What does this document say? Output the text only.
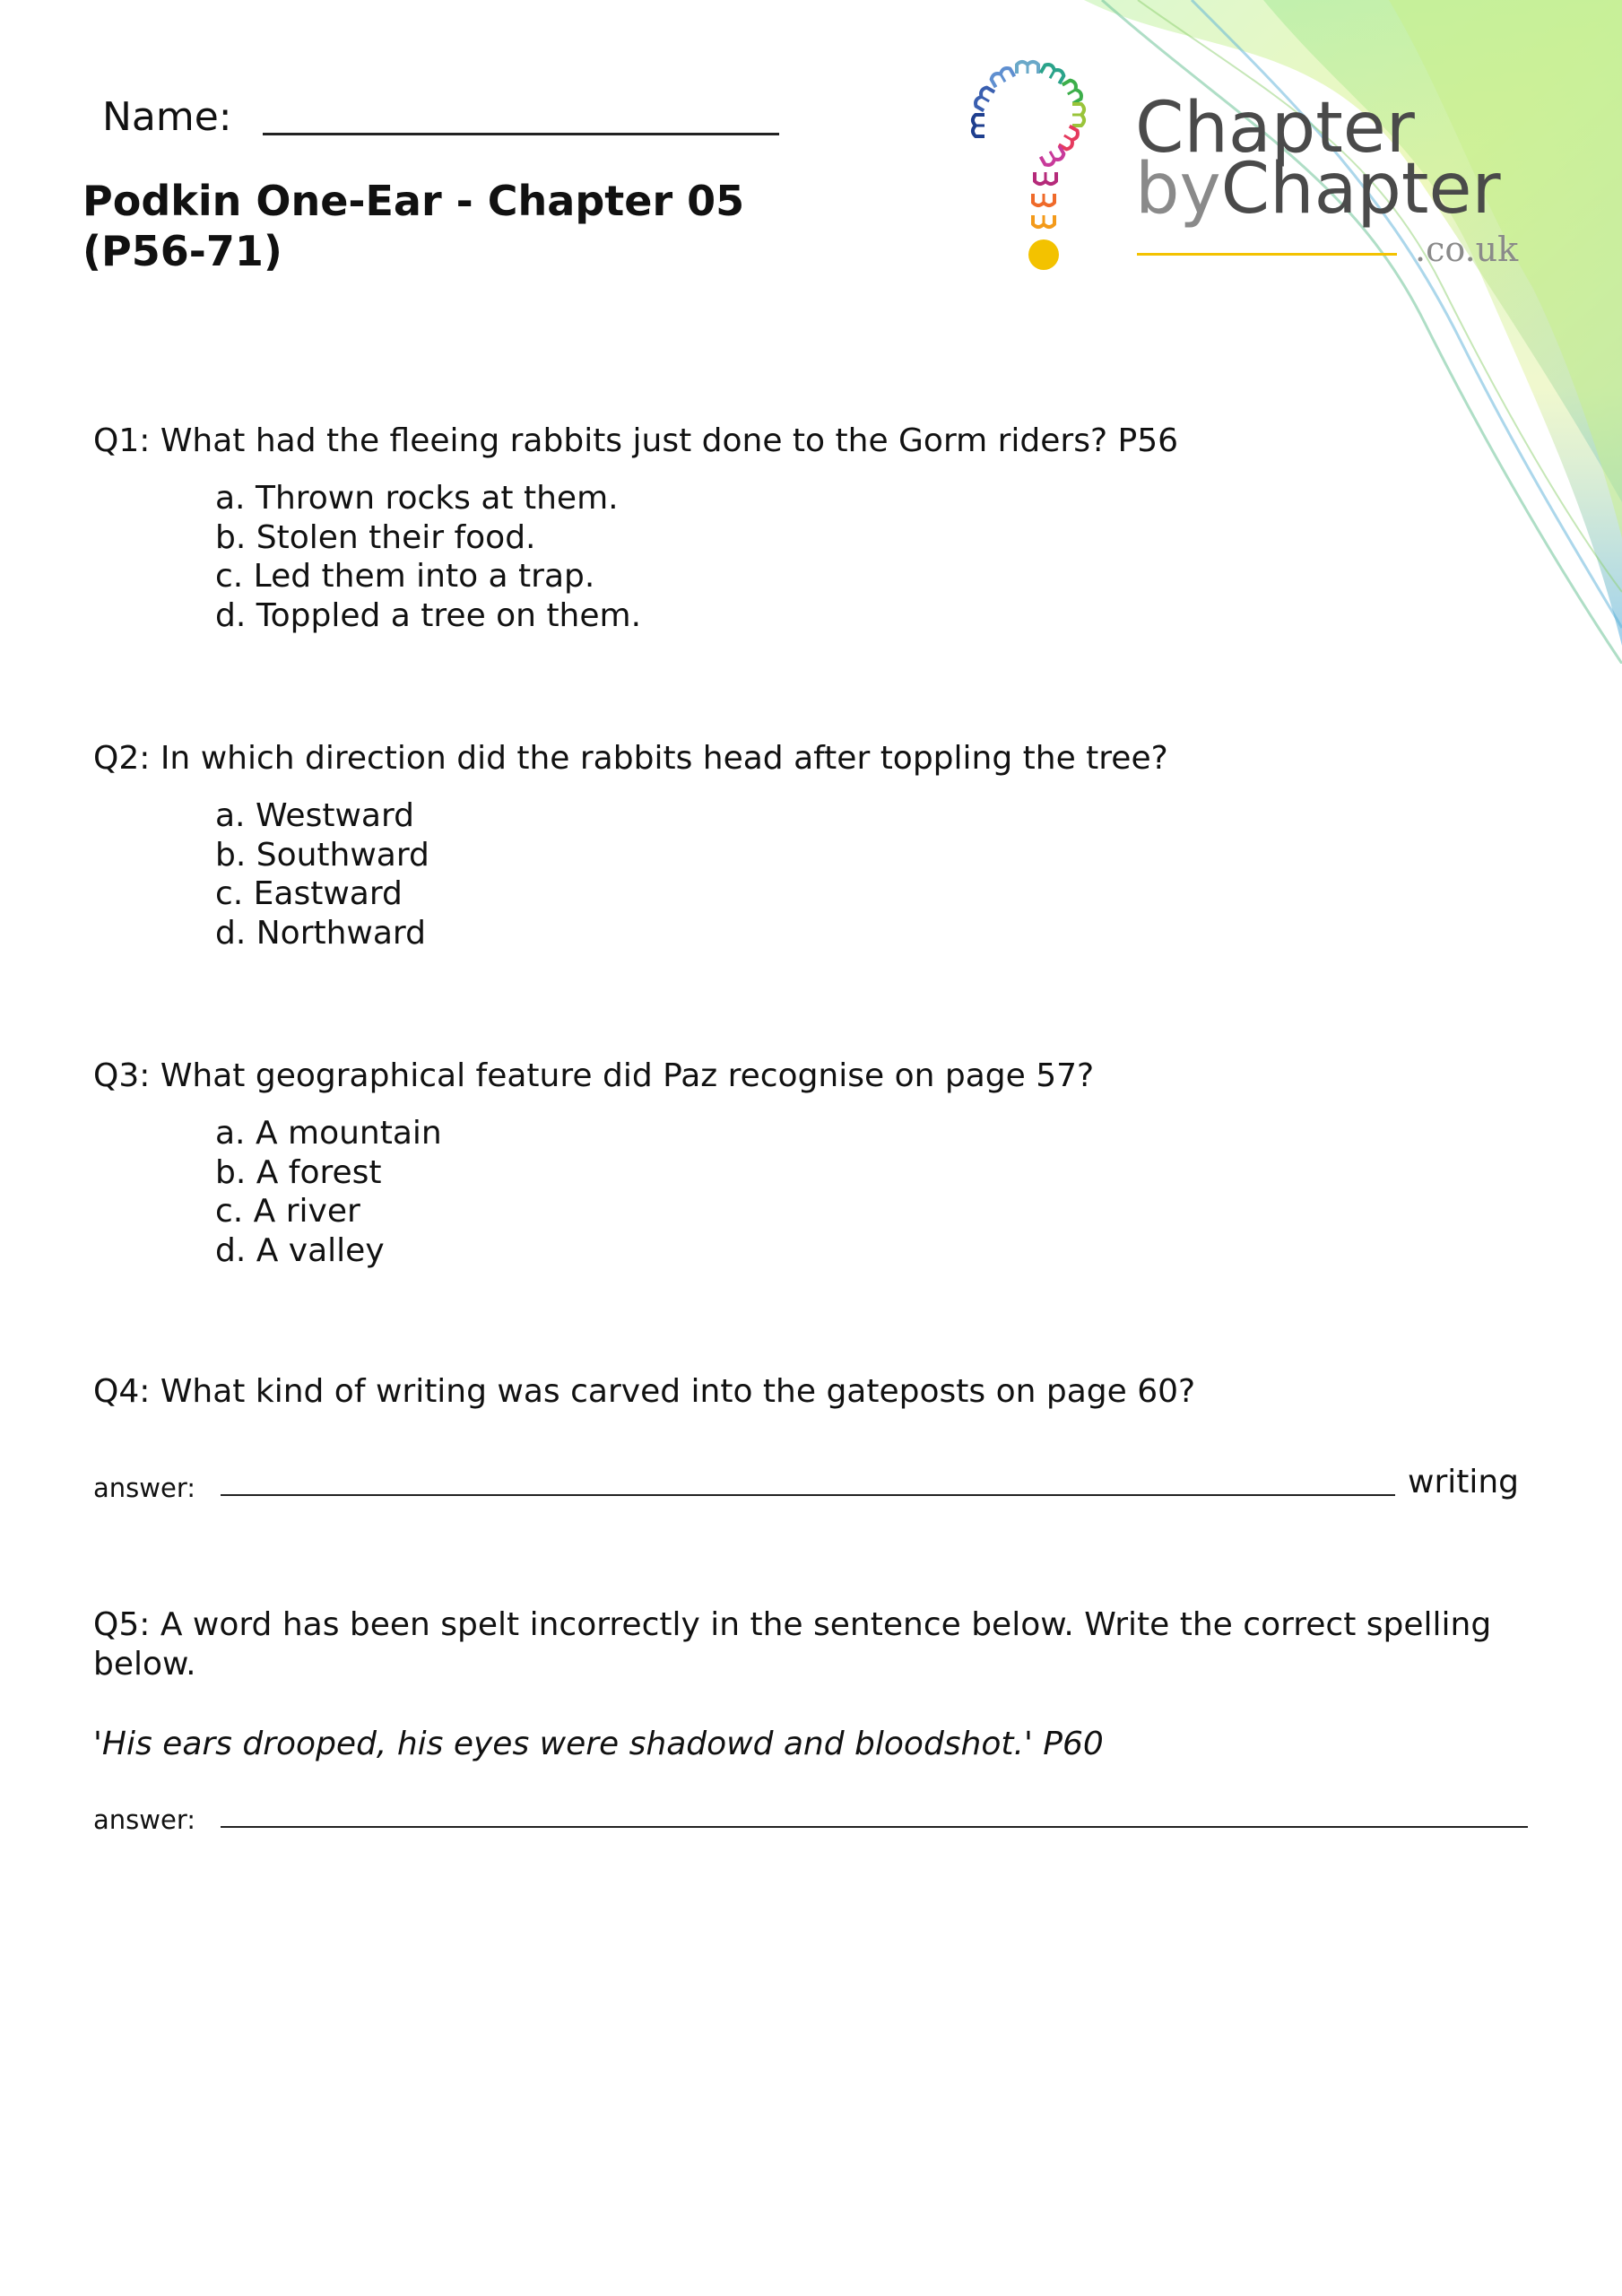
Name:
Podkin One-Ear - Chapter 05 (P56-71)
Chapter
byChapter
.co.uk
Q1: What had the fleeing rabbits just done to the Gorm riders? P56
a. Thrown rocks at them.
b. Stolen their food.
c. Led them into a trap.
d. Toppled a tree on them.
Q2: In which direction did the rabbits head after toppling the tree?
a. Westward
b. Southward
c. Eastward
d. Northward
Q3: What geographical feature did Paz recognise on page 57?
a. A mountain
b. A forest
c. A river
d. A valley
Q4: What kind of writing was carved into the gateposts on page 60?
answer:	writing
Q5: A word has been spelt incorrectly in the sentence below. Write the correct spelling below.
'His ears drooped, his eyes were shadowd and bloodshot.' P60
answer:
